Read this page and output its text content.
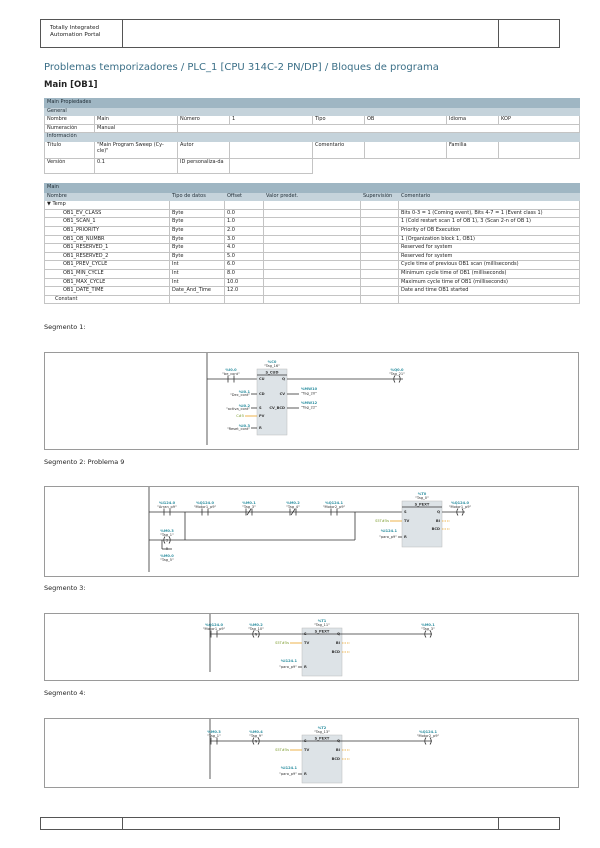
Totally Integrated
Automation Portal
Problemas temporizadores / PLC_1 [CPU 314C-2 PN/DP] / Bloques de programa
Main [OB1]
Main Propiedades							
General							
Nombre	Main	Número	1	Tipo	OB	Idioma	KOP
Numeración	Manual						
Información							
Título	"Main Program Sweep (Cy-cle)"	Autor		Comentario		Familia	
Versión	0.1	ID personaliza-da					
Main					
Nombre	Tipo de datos	Offset	Valor predet.	Supervisión	Comentario
▼ Temp					
OB1_EV_CLASS	Byte	0.0			Bits 0-3 = 1 (Coming event), Bits 4-7 = 1 (Event class 1)
OB1_SCAN_1	Byte	1.0			1 (Cold restart scan 1 of OB 1), 3 (Scan 2-n of OB 1)
OB1_PRIORITY	Byte	2.0			Priority of OB Execution
OB1_OB_NUMBR	Byte	3.0			1 (Organization block 1, OB1)
OB1_RESERVED_1	Byte	4.0			Reserved for system
OB1_RESERVED_2	Byte	5.0			Reserved for system
OB1_PREV_CYCLE	Int	6.0			Cycle time of previous OB1 scan (milliseconds)
OB1_MIN_CYCLE	Int	8.0			Minimum cycle time of OB1 (milliseconds)
OB1_MAX_CYCLE	Int	10.0			Maximum cycle time of OB1 (milliseconds)
OB1_DATE_TIME	Date_And_Time	12.0			Date and time OB1 started
Constant					
Segmento 1:
%I0.0
"be_cont"
%C0
"Tag_16"
S_CUD
CU
CD
S
PV
R
Q
CV
CV_BCD
%I0.1
"Dec_cont"
%I0.2
"activa_cont"
C#5
%I0.3
"Reset_cont"
%MW10
"Tag_20"
%MW12
"Tag_22"
%Q0.0
"Tag_21"
Segmento 2: Problema 9
%I124.0
"Arran_p9"
%Q124.0
"Motor1_p9"
%M0.1
"Tag_3"
%M0.2
"Tag_4"
%Q124.1
"Motor2_p9"
S
%M0.3
"Tag_1"
R
%M0.0
"Tag_5"
%T0
"Tag_0"
S_PEXT
S
TV
R
Q
BI
BCD
S5T#5s
%I124.1
"paro_p9"
%Q124.0
"Motor1_p9"
Segmento 3:
%Q124.0
"Motor1_p9"
N
%M0.2
"Tag_10"
%T1
"Tag_11"
S_PEXT
S
TV
R
Q
BI
BCD
S5T#5s
%I124.1
"paro_p9"
%M0.1
"Tag_3"
Segmento 4:
%M0.3
"Tag_1"
N
%M0.4
"Tag_9"
%T2
"Tag_13"
S_PEXT
S
TV
R
Q
BI
BCD
S5T#5s
%I124.1
"paro_p9"
%Q124.1
"Motor2_p9"
